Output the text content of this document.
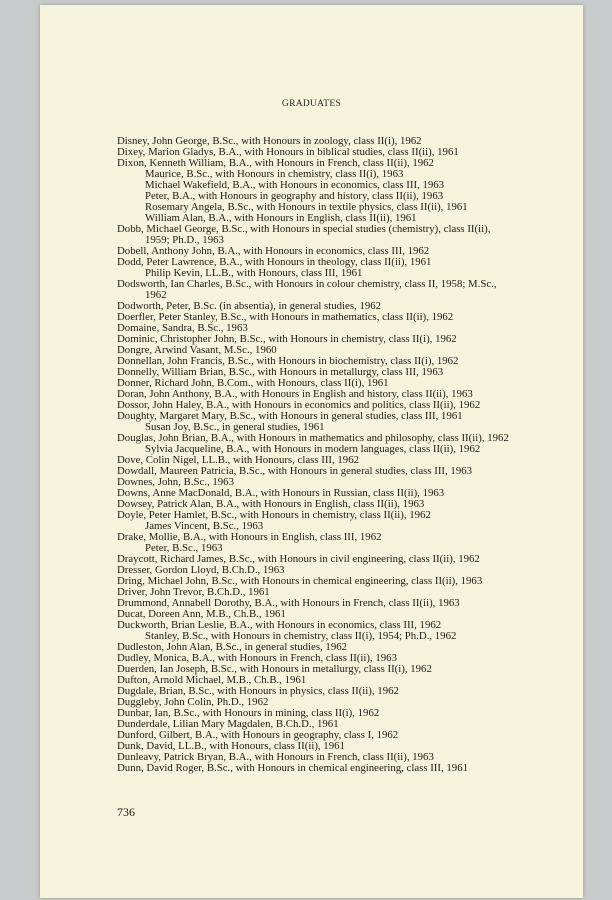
GRADUATES
Disney, John George, B.Sc., with Honours in zoology, class II(i), 1962
Dixey, Marion Gladys, B.A., with Honours in biblical studies, class II(ii), 1961
Dixon, Kenneth William, B.A., with Honours in French, class II(ii), 1962
Maurice, B.Sc., with Honours in chemistry, class II(i), 1963
Michael Wakefield, B.A., with Honours in economics, class III, 1963
Peter, B.A., with Honours in geography and history, class II(ii), 1963
Rosemary Angela, B.Sc., with Honours in textile physics, class II(ii), 1961
William Alan, B.A., with Honours in English, class II(ii), 1961
Dobb, Michael George, B.Sc., with Honours in special studies (chemistry), class II(ii),
1959; Ph.D., 1963
Dobell, Anthony John, B.A., with Honours in economics, class III, 1962
Dodd, Peter Lawrence, B.A., with Honours in theology, class II(ii), 1961
Philip Kevin, LL.B., with Honours, class III, 1961
Dodsworth, Ian Charles, B.Sc., with Honours in colour chemistry, class II, 1958; M.Sc.,
1962
Dodworth, Peter, B.Sc. (in absentia), in general studies, 1962
Doerfler, Peter Stanley, B.Sc., with Honours in mathematics, class II(ii), 1962
Domaine, Sandra, B.Sc., 1963
Dominic, Christopher John, B.Sc., with Honours in chemistry, class II(i), 1962
Dongre, Arwind Vasant, M.Sc., 1960
Donnellan, John Francis, B.Sc., with Honours in biochemistry, class II(i), 1962
Donnelly, William Brian, B.Sc., with Honours in metallurgy, class III, 1963
Donner, Richard John, B.Com., with Honours, class II(i), 1961
Doran, John Anthony, B.A., with Honours in English and history, class II(ii), 1963
Dossor, John Haley, B.A., with Honours in economics and politics, class II(ii), 1962
Doughty, Margaret Mary, B.Sc., with Honours in general studies, class III, 1961
Susan Joy, B.Sc., in general studies, 1961
Douglas, John Brian, B.A., with Honours in mathematics and philosophy, class II(ii), 1962
Sylvia Jacqueline, B.A., with Honours in modern languages, class II(ii), 1962
Dove, Colin Nigel, LL.B., with Honours, class III, 1962
Dowdall, Maureen Patricia, B.Sc., with Honours in general studies, class III, 1963
Downes, John, B.Sc., 1963
Downs, Anne MacDonald, B.A., with Honours in Russian, class II(ii), 1963
Dowsey, Patrick Alan, B.A., with Honours in English, class II(ii), 1963
Doyle, Peter Hamlet, B.Sc., with Honours in chemistry, class II(ii), 1962
James Vincent, B.Sc., 1963
Drake, Mollie, B.A., with Honours in English, class III, 1962
Peter, B.Sc., 1963
Draycott, Richard James, B.Sc., with Honours in civil engineering, class II(ii), 1962
Dresser, Gordon Lloyd, B.Ch.D., 1963
Dring, Michael John, B.Sc., with Honours in chemical engineering, class II(ii), 1963
Driver, John Trevor, B.Ch.D., 1961
Drummond, Annabell Dorothy, B.A., with Honours in French, class II(ii), 1963
Ducat, Doreen Ann, M.B., Ch.B., 1961
Duckworth, Brian Leslie, B.A., with Honours in economics, class III, 1962
Stanley, B.Sc., with Honours in chemistry, class II(i), 1954; Ph.D., 1962
Dudleston, John Alan, B.Sc., in general studies, 1962
Dudley, Monica, B.A., with Honours in French, class II(ii), 1963
Duerden, Ian Joseph, B.Sc., with Honours in metallurgy, class II(i), 1962
Dufton, Arnold Michael, M.B., Ch.B., 1961
Dugdale, Brian, B.Sc., with Honours in physics, class II(ii), 1962
Duggleby, John Colin, Ph.D., 1962
Dunbar, Ian, B.Sc., with Honours in mining, class II(i), 1962
Dunderdale, Lilian Mary Magdalen, B.Ch.D., 1961
Dunford, Gilbert, B.A., with Honours in geography, class I, 1962
Dunk, David, LL.B., with Honours, class II(ii), 1961
Dunleavy, Patrick Bryan, B.A., with Honours in French, class II(ii), 1963
Dunn, David Roger, B.Sc., with Honours in chemical engineering, class III, 1961
736
